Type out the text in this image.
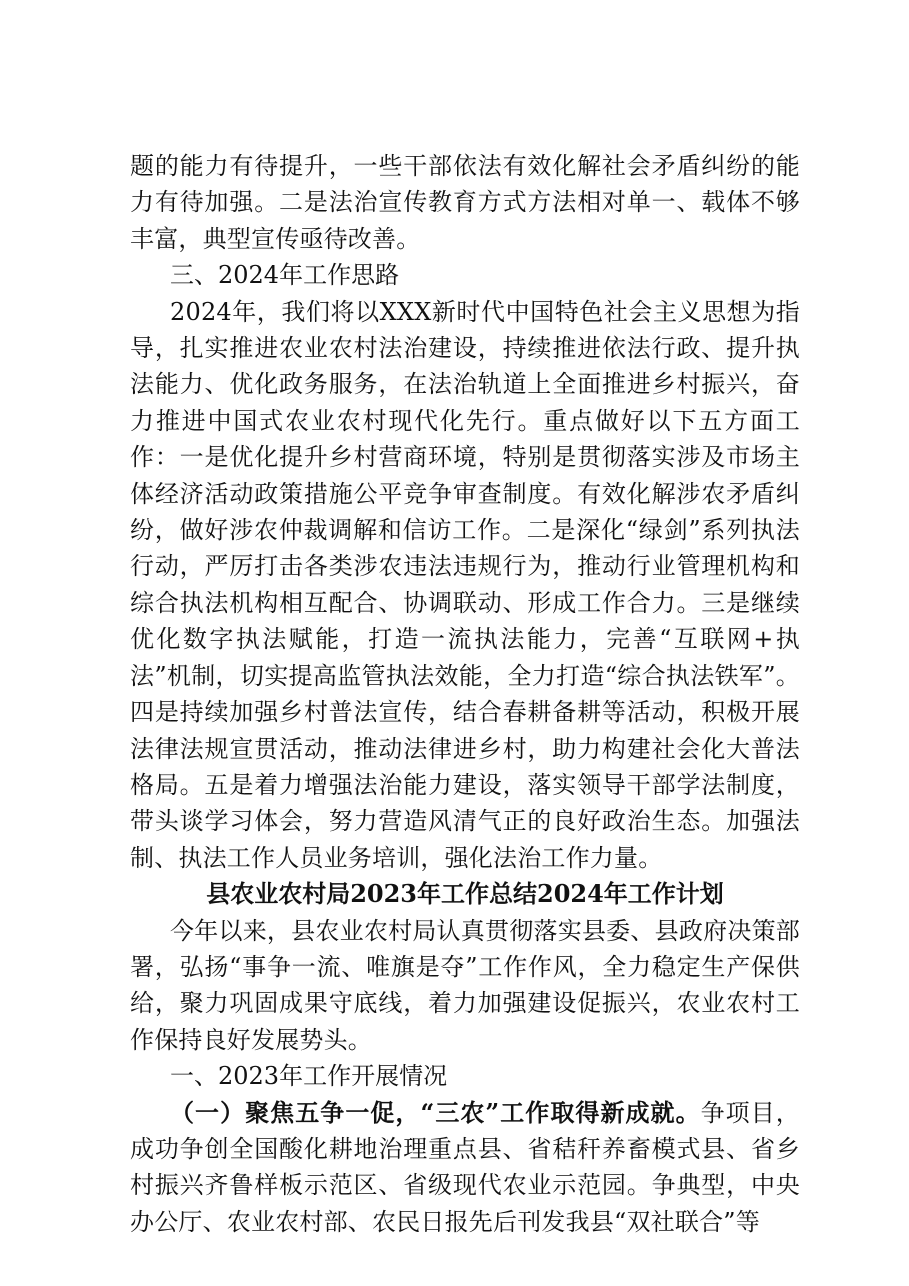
题的能力有待提升，一些干部依法有效化解社会矛盾纠纷的能力有待加强。二是法治宣传教育方式方法相对单一、载体不够丰富，典型宣传亟待改善。

三、2024年工作思路

2024年，我们将以XXX新时代中国特色社会主义思想为指导，扎实推进农业农村法治建设，持续推进依法行政、提升执法能力、优化政务服务，在法治轨道上全面推进乡村振兴，奋力推进中国式农业农村现代化先行。重点做好以下五方面工作：一是优化提升乡村营商环境，特别是贯彻落实涉及市场主体经济活动政策措施公平竞争审查制度。有效化解涉农矛盾纠纷，做好涉农仲裁调解和信访工作。二是深化“绿剑”系列执法行动，严厉打击各类涉农违法违规行为，推动行业管理机构和综合执法机构相互配合、协调联动、形成工作合力。三是继续优化数字执法赋能，打造一流执法能力，完善“互联网+执法”机制，切实提高监管执法效能，全力打造“综合执法铁军”。四是持续加强乡村普法宣传，结合春耕备耕等活动，积极开展法律法规宣贯活动，推动法律进乡村，助力构建社会化大普法格局。五是着力增强法治能力建设，落实领导干部学法制度，带头谈学习体会，努力营造风清气正的良好政治生态。加强法制、执法工作人员业务培训，强化法治工作力量。

县农业农村局2023年工作总结2024年工作计划

今年以来，县农业农村局认真贯彻落实县委、县政府决策部署，弘扬“事争一流、唯旗是夺”工作作风，全力稳定生产保供给，聚力巩固成果守底线，着力加强建设促振兴，农业农村工作保持良好发展势头。

一、2023年工作开展情况

（一）聚焦五争一促，“三农”工作取得新成就。争项目，成功争创全国酸化耕地治理重点县、省秸秆养畜模式县、省乡村振兴齐鲁样板示范区、省级现代农业示范园。争典型，中央办公厅、农业农村部、农民日报先后刊发我县“双社联合”等
